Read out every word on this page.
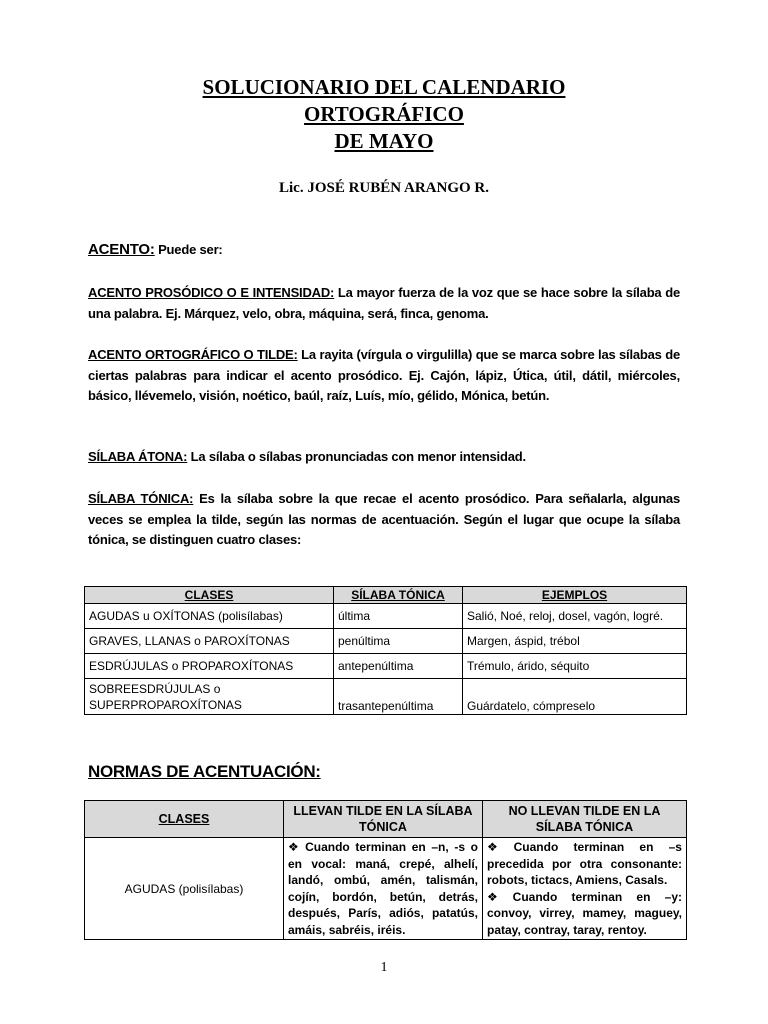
SOLUCIONARIO DEL CALENDARIO
ORTOGRÁFICO
DE MAYO
Lic. JOSÉ RUBÉN ARANGO R.
ACENTO: Puede ser:
ACENTO PROSÓDICO O E INTENSIDAD: La mayor fuerza de la voz que se hace sobre la sílaba de una palabra. Ej. Márquez, velo, obra, máquina, será, finca, genoma.
ACENTO ORTOGRÁFICO O TILDE: La rayita (vírgula o virgulilla) que se marca sobre las sílabas de ciertas palabras para indicar el acento prosódico. Ej. Cajón, lápiz, Útica, útil, dátil, miércoles, básico, llévemelo, visión, noético, baúl, raíz, Luís, mío, gélido, Mónica, betún.
SÍLABA ÁTONA: La sílaba o sílabas pronunciadas con menor intensidad.
SÍLABA TÓNICA: Es la sílaba sobre la que recae el acento prosódico. Para señalarla, algunas veces se emplea la tilde, según las normas de acentuación. Según el lugar que ocupe la sílaba tónica, se distinguen cuatro clases:
CLASES	SÍLABA TÓNICA	EJEMPLOS
AGUDAS u OXÍTONAS (polisílabas)	última	Salió, Noé, reloj, dosel, vagón, logré.
GRAVES, LLANAS o PAROXÍTONAS	penúltima	Margen, áspid, trébol
ESDRÚJULAS o PROPAROXÍTONAS	antepenúltima	Trémulo, árido, séquito

SOBREESDRÚJULAS o
SUPERPROPAROXÍTONAS	trasantepenúltima	Guárdatelo, cómpreselo
NORMAS DE ACENTUACIÓN:
CLASES	LLEVAN TILDE EN LA SÍLABA TÓNICA	NO LLEVAN TILDE EN LA SÍLABA TÓNICA
AGUDAS (polisílabas)	❖ Cuando terminan en –n, -s o en vocal: maná, crepé, alhelí, landó, ombú, amén, talismán, cojín, bordón, betún, detrás, después, París, adiós, patatús, amáis, sabréis, iréis.	❖ Cuando terminan en –s precedida por otra consonante: robots, tictacs, Amiens, Casals.
❖ Cuando terminan en –y: convoy, virrey, mamey, maguey, patay, contray, taray, rentoy.
1
